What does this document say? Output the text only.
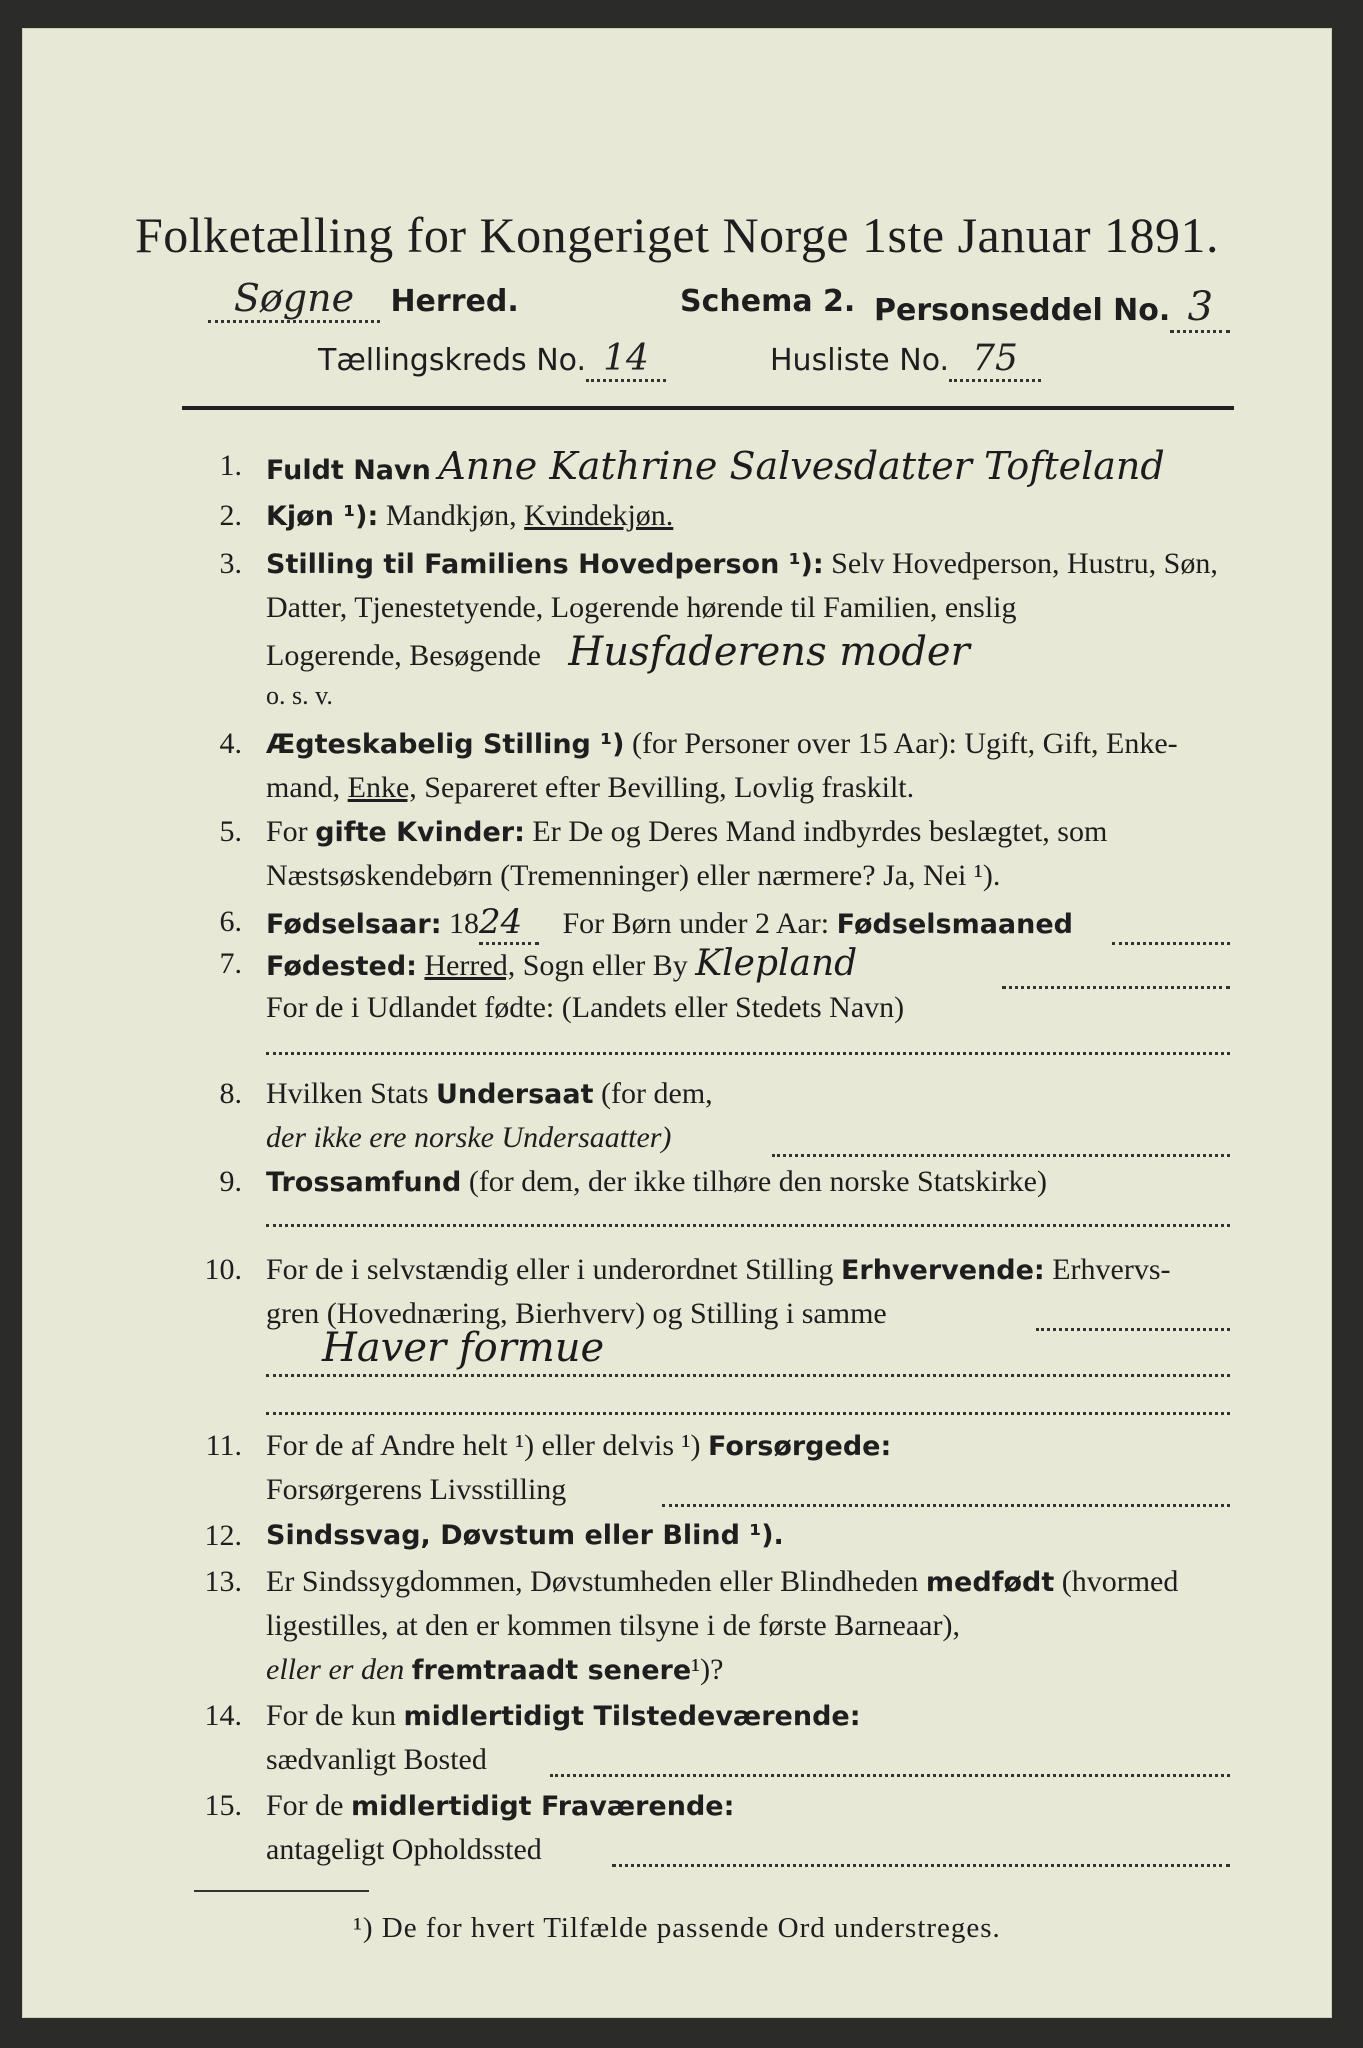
Folketælling for Kongeriget Norge 1ste Januar 1891.
Søgne Herred.	Schema 2. Personseddel No. 3
Tællingskreds No. 14	Husliste No. 75
1. Fuldt Navn Anne Kathrine Salvesdatter Tofteland
2. Kjøn ¹): Mandkjøn, Kvindekjøn.
3. Stilling til Familiens Hovedperson ¹): Selv Hovedperson, Hustru, Søn,
Datter, Tjenestetyende, Logerende hørende til Familien, enslig
Logerende, Besøgende Husfaderens moder
o. s. v.
4. Ægteskabelig Stilling ¹) (for Personer over 15 Aar): Ugift, Gift, Enke-
mand, Enke, Separeret efter Bevilling, Lovlig fraskilt.
5. For gifte Kvinder: Er De og Deres Mand indbyrdes beslægtet, som
Næstsøskendebørn (Tremenninger) eller nærmere? Ja, Nei ¹).
6. Fødselsaar: 1824 For Børn under 2 Aar: Fødselsmaaned
7. Fødested: Herred, Sogn eller By Klepland
For de i Udlandet fødte: (Landets eller Stedets Navn)
8. Hvilken Stats Undersaat (for dem,
der ikke ere norske Undersaatter)
9. Trossamfund (for dem, der ikke tilhøre den norske Statskirke)
10. For de i selvstændig eller i underordnet Stilling Erhvervende: Erhvervs-
gren (Hovednæring, Bierhverv) og Stilling i samme
Haver formue
11. For de af Andre helt ¹) eller delvis ¹) Forsørgede:
Forsørgerens Livsstilling
12. Sindssvag, Døvstum eller Blind ¹).
13. Er Sindssygdommen, Døvstumheden eller Blindheden medfødt (hvormed
ligestilles, at den er kommen tilsyne i de første Barneaar),
eller er den fremtraadt senere¹)?
14. For de kun midlertidigt Tilstedeværende:
sædvanligt Bosted
15. For de midlertidigt Fraværende:
antageligt Opholdssted
¹) De for hvert Tilfælde passende Ord understreges.
